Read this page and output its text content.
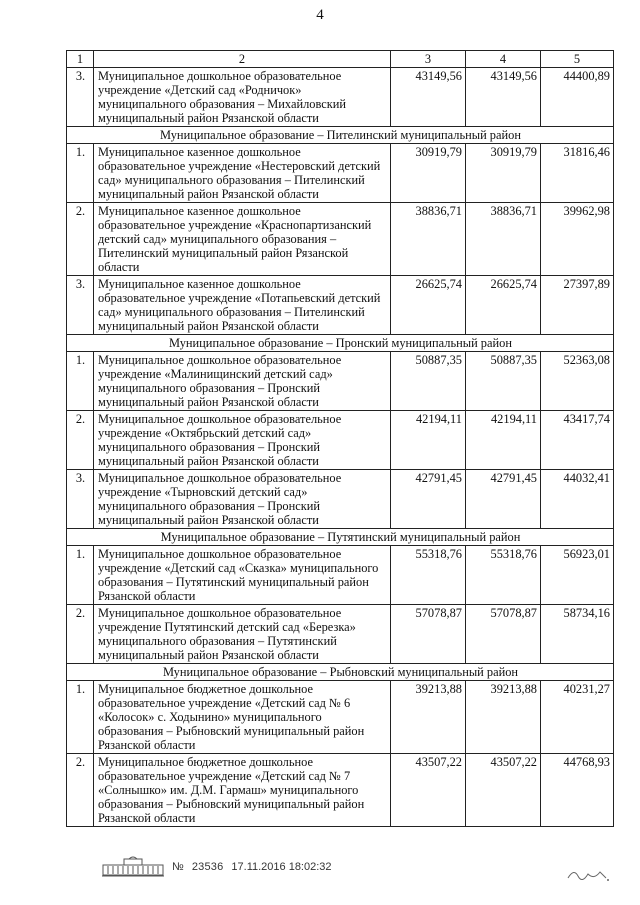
4
1	2	3	4	5
3.	Муниципальное дошкольное образовательное учреждение «Детский сад «Родничок» муниципального образования – Михайловский муниципальный район Рязанской области	43149,56	43149,56	44400,89
Муниципальное образование – Пителинский муниципальный район				
1.	Муниципальное казенное дошкольное образовательное учреждение «Нестеровский детский сад» муниципального образования – Пителинский муниципальный район Рязанской области	30919,79	30919,79	31816,46
2.	Муниципальное казенное дошкольное образовательное учреждение «Краснопартизанский детский сад» муниципального образования – Пителинский муниципальный район Рязанской области	38836,71	38836,71	39962,98
3.	Муниципальное казенное дошкольное образовательное учреждение «Потапьевский детский сад» муниципального образования – Пителинский муниципальный район Рязанской области	26625,74	26625,74	27397,89
Муниципальное образование – Пронский муниципальный район				
1.	Муниципальное дошкольное образовательное учреждение «Малинищинский детский сад» муниципального образования – Пронский муниципальный район Рязанской области	50887,35	50887,35	52363,08
2.	Муниципальное дошкольное образовательное учреждение «Октябрьский детский сад» муниципального образования – Пронский муниципальный район Рязанской области	42194,11	42194,11	43417,74
3.	Муниципальное дошкольное образовательное учреждение «Тырновский детский сад» муниципального образования – Пронский муниципальный район Рязанской области	42791,45	42791,45	44032,41
Муниципальное образование – Путятинский муниципальный район				
1.	Муниципальное дошкольное образовательное учреждение «Детский сад «Сказка» муниципального образования – Путятинский муниципальный район Рязанской области	55318,76	55318,76	56923,01
2.	Муниципальное дошкольное образовательное учреждение Путятинский детский сад «Березка» муниципального образования – Путятинский муниципальный район Рязанской области	57078,87	57078,87	58734,16
Муниципальное образование – Рыбновский муниципальный район				
1.	Муниципальное бюджетное дошкольное образовательное учреждение «Детский сад № 6 «Колосок» с. Ходынино» муниципального образования – Рыбновский муниципальный район Рязанской области	39213,88	39213,88	40231,27
2.	Муниципальное бюджетное дошкольное образовательное учреждение «Детский сад № 7 «Солнышко» им. Д.М. Гармаш» муниципального образования – Рыбновский муниципальный район Рязанской области	43507,22	43507,22	44768,93
№ 23536 17.11.2016 18:02:32
